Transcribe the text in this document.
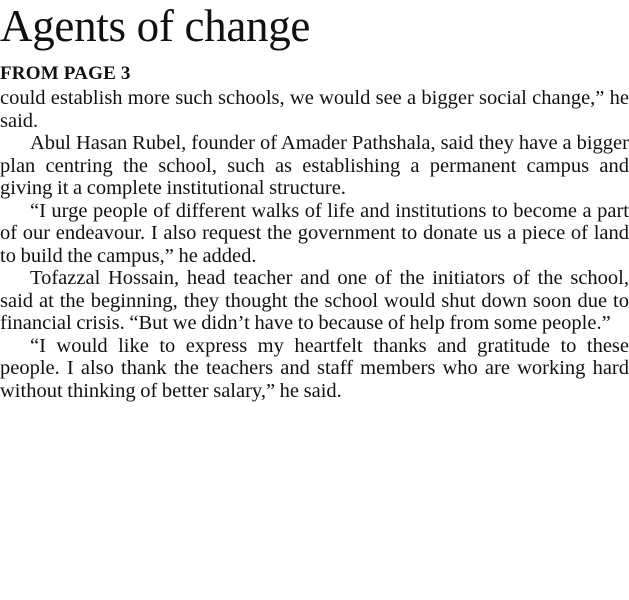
Agents of change
FROM PAGE 3

could establish more such schools, we would see a bigger social change,” he said.

Abul Hasan Rubel, founder of Amader Pathshala, said they have a bigger plan centring the school, such as establishing a permanent campus and giving it a complete institutional structure.

“I urge people of different walks of life and institutions to become a part of our endeavour. I also request the government to donate us a piece of land to build the campus,” he added.

Tofazzal Hossain, head teacher and one of the initiators of the school, said at the beginning, they thought the school would shut down soon due to financial crisis. “But we didn’t have to because of help from some people.”

“I would like to express my heartfelt thanks and gratitude to these people. I also thank the teachers and staff members who are working hard without thinking of better salary,” he said.
